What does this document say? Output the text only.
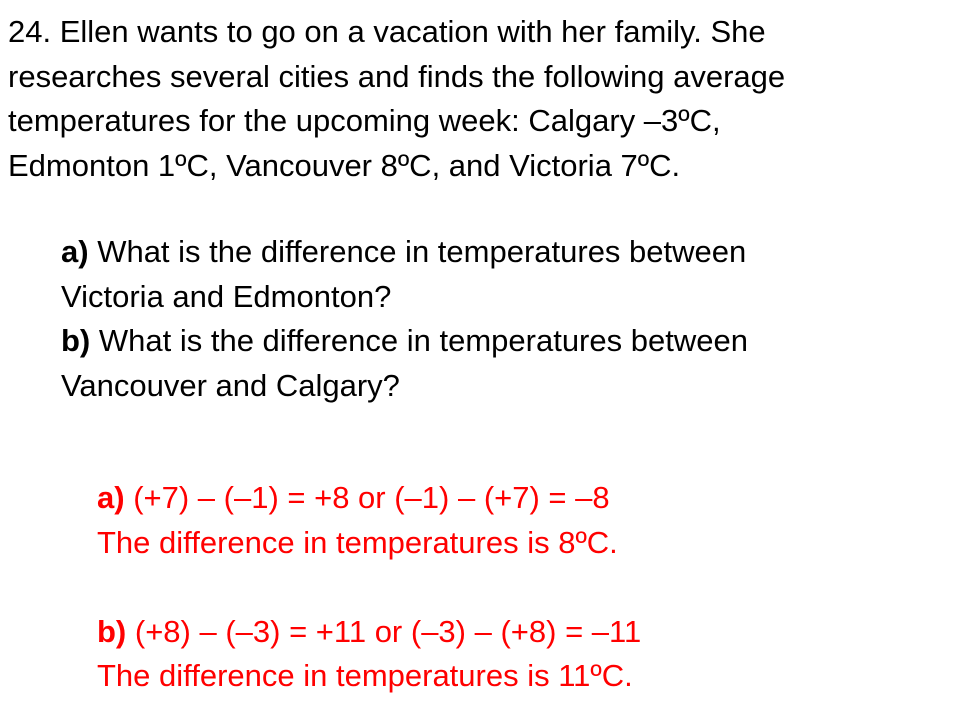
24. Ellen wants to go on a vacation with her family. She
researches several cities and finds the following average
temperatures for the upcoming week: Calgary –3ºC,
Edmonton 1ºC, Vancouver 8ºC, and Victoria 7ºC.

a) What is the difference in temperatures between
Victoria and Edmonton?
b) What is the difference in temperatures between
Vancouver and Calgary?
a) (+7) – (–1) = +8 or (–1) – (+7) = –8
The difference in temperatures is 8ºC.
b) (+8) – (–3) = +11 or (–3) – (+8) = –11
The difference in temperatures is 11ºC.
